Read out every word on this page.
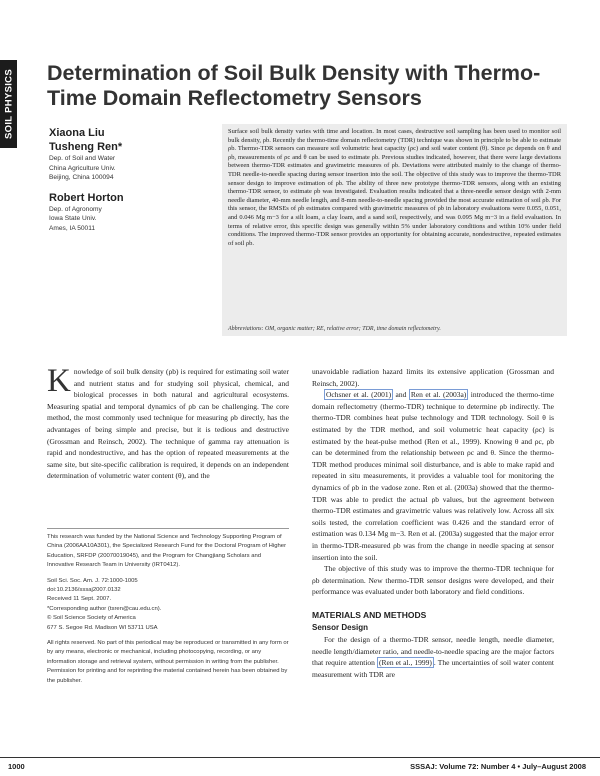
SOIL PHYSICS Determination of Soil Bulk Density with Thermo-Time Domain Reflectometry Sensors
Xiaona Liu
Tusheng Ren*
Dep. of Soil and Water
China Agriculture Univ.
Beijing, China 100094
Robert Horton
Dep. of Agronomy
Iowa State Univ.
Ames, IA 50011

Surface soil bulk density varies with time and location. In most cases, destructive soil sampling has been used to monitor soil bulk density, ρb. Recently the thermo-time domain reflectometry (TDR) technique was shown in principle to be able to estimate ρb. Thermo-TDR sensors can measure soil volumetric heat capacity (ρc) and soil water content (θ). Since ρc depends on θ and ρb, measurements of ρc and θ can be used to estimate ρb. Previous studies indicated, however, that there were large deviations between thermo-TDR estimates and gravimetric measures of ρb. Deviations were attributed mainly to the change of thermo-TDR needle-to-needle spacing during sensor insertion into the soil. The objective of this study was to improve the thermo-TDR sensor design to improve estimation of ρb. The ability of three new prototype thermo-TDR sensors, along with an existing thermo-TDR sensor, to estimate ρb was investigated. Evaluation results indicated that a three-needle sensor design with 2-mm needle diameter, 40-mm needle length, and 8-mm needle-to-needle spacing provided the most accurate estimation of soil ρb. For this sensor, the RMSEs of ρb estimates compared with gravimetric measures of ρb in laboratory evaluations were 0.055, 0.051, and 0.046 Mg m−3 for a silt loam, a clay loam, and a sand soil, respectively, and was 0.095 Mg m−3 in a field evaluation. In terms of relative error, this specific design was generally within 5% under laboratory conditions and within 10% under field conditions. The improved thermo-TDR sensor provides an opportunity for obtaining accurate, nondestructive, repeated estimates of soil ρb.

Abbreviations: OM, organic matter; RE, relative error; TDR, time domain reflectometry.

Knowledge of soil bulk density (ρb) is required for estimating soil water and nutrient status and for studying soil physical, chemical, and biological processes in both natural and agricultural ecosystems. Measuring spatial and temporal dynamics of ρb can be challenging. The core method, the most commonly used technique for measuring ρb directly, has the advantages of being simple and precise, but it is tedious and destructive (Grossman and Reinsch, 2002). The technique of gamma ray attenuation is rapid and nondestructive, and has the option of repeated measurements at the same site, but site-specific calibration is required, it depends on an independent determination of volumetric water content (θ), and the

This research was funded by the National Science and Technology Supporting Program of China (2006AA10A301), the Specialized Research Fund for the Doctoral Program of Higher Education, SRFDP (20070019045), and the Program for Changjiang Scholars and Innovative Research Team in University (IRT0412).

Soil Sci. Soc. Am. J. 72:1000-1005
doi:10.2136/sssaj2007.0132
Received 11 Sept. 2007.
*Corresponding author (tsren@cau.edu.cn).
© Soil Science Society of America
677 S. Segoe Rd. Madison WI 53711 USA

All rights reserved. No part of this periodical may be reproduced or transmitted in any form or by any means, electronic or mechanical, including photocopying, recording, or any information storage and retrieval system, without permission in writing from the publisher. Permission for printing and for reprinting the material contained herein has been obtained by the publisher.

unavoidable radiation hazard limits its extensive application (Grossman and Reinsch, 2002).

Ochsner et al. (2001) and Ren et al. (2003a) introduced the thermo-time domain reflectometry (thermo-TDR) technique to determine ρb indirectly. The thermo-TDR combines heat pulse technology and TDR technology. Soil θ is estimated by the TDR method, and soil volumetric heat capacity (ρc) is estimated by the heat-pulse method (Ren et al., 1999). Knowing θ and ρc, ρb can be determined from the relationship between ρc and θ. Since the thermo-TDR method produces minimal soil disturbance, and is able to make rapid and repeated in situ measurements, it provides a valuable tool for monitoring the dynamics of ρb in the vadose zone. Ren et al. (2003a) showed that the thermo-TDR was able to predict the actual ρb values, but the agreement between thermo-TDR estimates and gravimetric values was relatively low. Across all six soils tested, the correlation coefficient was 0.426 and the standard error of estimation was 0.134 Mg m−3. Ren et al. (2003a) suggested that the major error in thermo-TDR-measured ρb was from the change in needle spacing at sensor insertion into the soil.

The objective of this study was to improve the thermo-TDR technique for ρb determination. New thermo-TDR sensor designs were developed, and their performance was evaluated under both laboratory and field conditions.

MATERIALS AND METHODS
Sensor Design

For the design of a thermo-TDR sensor, needle length, needle diameter, needle length/diameter ratio, and needle-to-needle spacing are the major factors that require attention (Ren et al., 1999) . The uncertainties of soil water content measurement with TDR are

1000	SSSAJ: Volume 72: Number 4 • July–August 2008
